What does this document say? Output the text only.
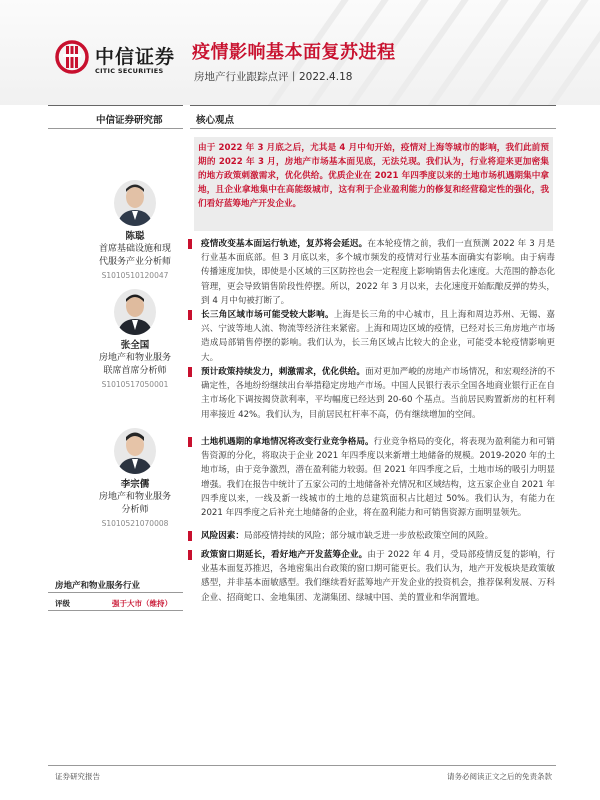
中信证券
CITIC SECURITIES
疫情影响基本面复苏进程
房地产行业跟踪点评丨2022.4.18
中信证券研究部	核心观点
陈聪
首席基础设施和现
代服务产业分析师
S1010510120047
张全国
房地产和物业服务
联席首席分析师
S1010517050001
李宗儒
房地产和物业服务
分析师
S1010521070008
房地产和物业服务行业
评级	强于大市（维持）
由于 2022 年 3 月底之后，尤其是 4 月中旬开始，疫情对上海等城市的影响，我们此前预期的 2022 年 3 月，房地产市场基本面见底，无法兑现。我们认为，行业将迎来更加密集的地方政策刺激需求，优化供给。优质企业在 2021 年四季度以来的土地市场机遇期集中拿地，且企业拿地集中在高能级城市，这有利于企业盈利能力的修复和经营稳定性的强化，我们看好蓝筹地产开发企业。
疫情改变基本面运行轨迹，复苏将会延迟。在本轮疫情之前，我们一直预测 2022 年 3 月是行业基本面底部。但 3 月底以来，多个城市频发的疫情对行业基本面确实有影响。由于病毒传播速度加快，即使是小区域的三区防控也会一定程度上影响销售去化速度。大范围的静态化管理，更会导致销售阶段性停摆。所以，2022 年 3 月以来，去化速度开始酝酿反弹的势头，到 4 月中旬被打断了。
长三角区域市场可能受较大影响。上海是长三角的中心城市，且上海和周边苏州、无锡、嘉兴、宁波等地人流、物流等经济往来紧密。上海和周边区域的疫情，已经对长三角房地产市场造成局部销售停摆的影响。我们认为，长三角区域占比较大的企业，可能受本轮疫情影响更大。
预计政策持续发力，刺激需求，优化供给。面对更加严峻的房地产市场情况，和宏观经济的不确定性，各地纷纷继续出台举措稳定房地产市场。中国人民银行表示全国各地商业银行正在自主市场化下调按揭贷款利率，平均幅度已经达到 20-60 个基点。当前居民购置新房的杠杆利用率接近 42%。我们认为，目前居民杠杆率不高，仍有继续增加的空间。
土地机遇期的拿地情况将改变行业竞争格局。行业竞争格局的变化，将表现为盈利能力和可销售资源的分化，将取决于企业 2021 年四季度以来新增土地储备的规模。2019-2020 年的土地市场，由于竞争激烈，潜在盈利能力较弱。但 2021 年四季度之后，土地市场的吸引力明显增强。我们在报告中统计了五家公司的土地储备补充情况和区域结构，这五家企业自 2021 年四季度以来，一线及新一线城市的土地的总建筑面积占比超过 50%。我们认为，有能力在 2021 年四季度之后补充土地储备的企业，将在盈利能力和可销售资源方面明显领先。
风险因素：局部疫情持续的风险；部分城市缺乏进一步放松政策空间的风险。
政策窗口期延长，看好地产开发蓝筹企业。由于 2022 年 4 月，受局部疫情反复的影响，行业基本面复苏推迟，各地密集出台政策的窗口期可能更长。我们认为，地产开发板块是政策敏感型，并非基本面敏感型。我们继续看好蓝筹地产开发企业的投资机会，推荐保利发展、万科企业、招商蛇口、金地集团、龙湖集团、绿城中国、美的置业和华润置地。
证券研究报告	请务必阅读正文之后的免责条款
